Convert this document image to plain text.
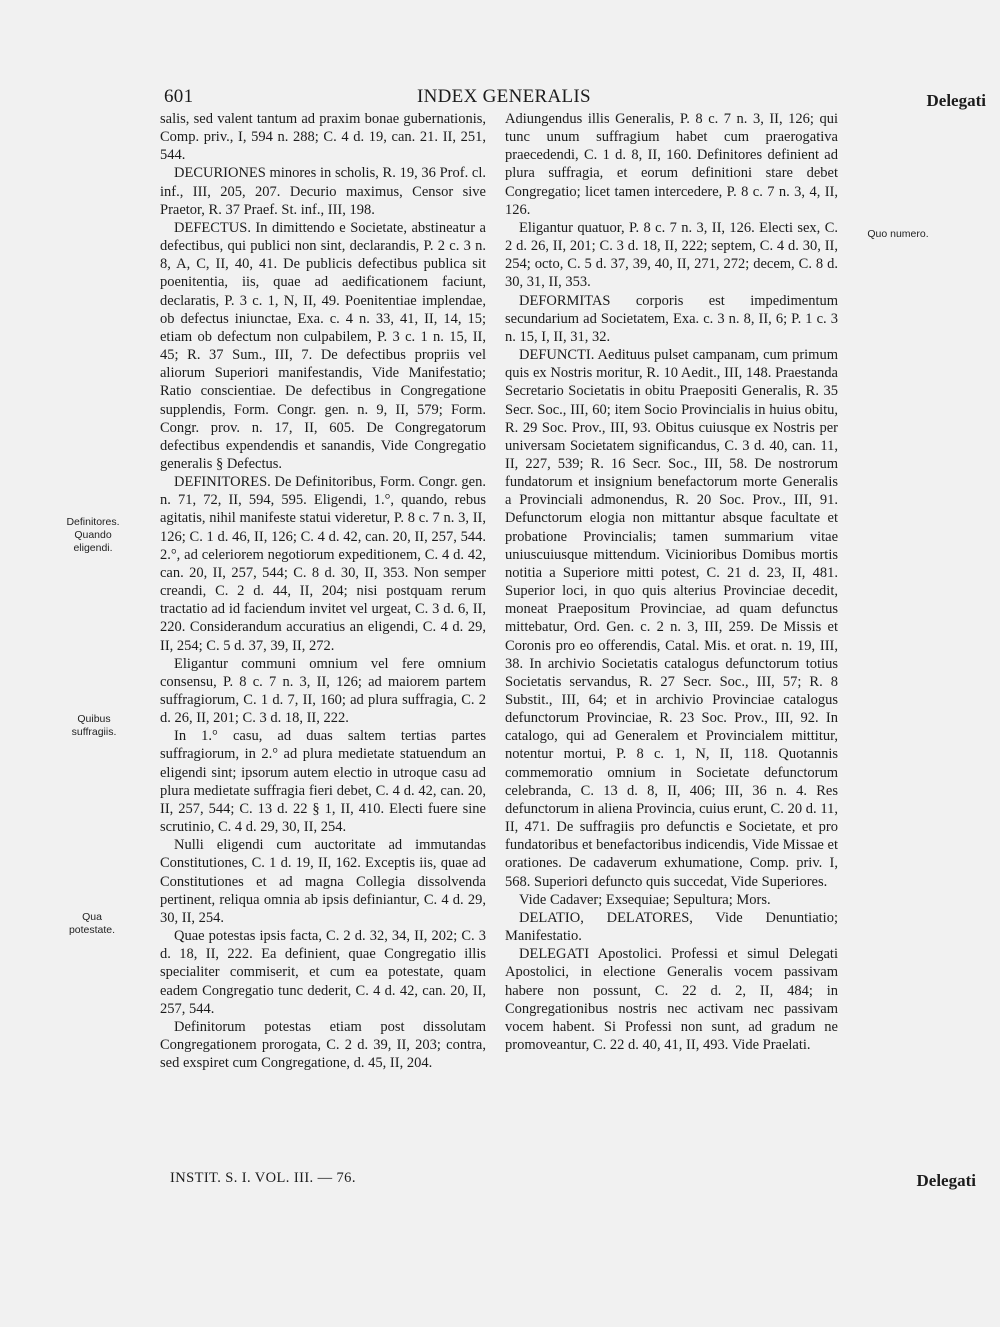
601	INDEX GENERALIS	Delegati
Definitores. Quando eligendi.
Quibus suffragiis.
Qua potestate.
Quo numero.

salis, sed valent tantum ad praxim bonae gubernationis, Comp. priv., I, 594 n. 288; C. 4 d. 19, can. 21. II, 251, 544.

DECURIONES minores in scholis, R. 19, 36 Prof. cl. inf., III, 205, 207. Decurio maximus, Censor sive Praetor, R. 37 Praef. St. inf., III, 198.

DEFECTUS. In dimittendo e Societate, abstineatur a defectibus, qui publici non sint, declarandis, P. 2 c. 3 n. 8, A, C, II, 40, 41. De publicis defectibus publica sit poenitentia, iis, quae ad aedificationem faciunt, declaratis, P. 3 c. 1, N, II, 49. Poenitentiae implendae, ob defectus iniunctae, Exa. c. 4 n. 33, 41, II, 14, 15; etiam ob defectum non culpabilem, P. 3 c. 1 n. 15, II, 45; R. 37 Sum., III, 7. De defectibus propriis vel aliorum Superiori manifestandis, Vide Manifestatio; Ratio conscientiae. De defectibus in Congregatione supplendis, Form. Congr. gen. n. 9, II, 579; Form. Congr. prov. n. 17, II, 605. De Congregatorum defectibus expendendis et sanandis, Vide Congregatio generalis § Defectus.

DEFINITORES. De Definitoribus, Form. Congr. gen. n. 71, 72, II, 594, 595. Eligendi, 1.°, quando, rebus agitatis, nihil manifeste statui videretur, P. 8 c. 7 n. 3, II, 126; C. 1 d. 46, II, 126; C. 4 d. 42, can. 20, II, 257, 544. 2.°, ad celeriorem negotiorum expeditionem, C. 4 d. 42, can. 20, II, 257, 544; C. 8 d. 30, II, 353. Non semper creandi, C. 2 d. 44, II, 204; nisi postquam rerum tractatio ad id faciendum invitet vel urgeat, C. 3 d. 6, II, 220. Considerandum accuratius an eligendi, C. 4 d. 29, II, 254; C. 5 d. 37, 39, II, 272.

Eligantur communi omnium vel fere omnium consensu, P. 8 c. 7 n. 3, II, 126; ad maiorem partem suffragiorum, C. 1 d. 7, II, 160; ad plura suffragia, C. 2 d. 26, II, 201; C. 3 d. 18, II, 222.

In 1.° casu, ad duas saltem tertias partes suffragiorum, in 2.° ad plura medietate statuendum an eligendi sint; ipsorum autem electio in utroque casu ad plura medietate suffragia fieri debet, C. 4 d. 42, can. 20, II, 257, 544; C. 13 d. 22 § 1, II, 410. Electi fuere sine scrutinio, C. 4 d. 29, 30, II, 254.

Nulli eligendi cum auctoritate ad immutandas Constitutiones, C. 1 d. 19, II, 162. Exceptis iis, quae ad Constitutiones et ad magna Collegia dissolvenda pertinent, reliqua omnia ab ipsis definiantur, C. 4 d. 29, 30, II, 254.

Quae potestas ipsis facta, C. 2 d. 32, 34, II, 202; C. 3 d. 18, II, 222. Ea definient, quae Congregatio illis specialiter commiserit, et cum ea potestate, quam eadem Congregatio tunc dederit, C. 4 d. 42, can. 20, II, 257, 544.

Definitorum potestas etiam post dissolutam Congregationem prorogata, C. 2 d. 39, II, 203; contra, sed exspiret cum Congregatione, d. 45, II, 204.

Adiungendus illis Generalis, P. 8 c. 7 n. 3, II, 126; qui tunc unum suffragium habet cum praerogativa praecedendi, C. 1 d. 8, II, 160. Definitores definient ad plura suffragia, et eorum definitioni stare debet Congregatio; licet tamen intercedere, P. 8 c. 7 n. 3, 4, II, 126.

Eligantur quatuor, P. 8 c. 7 n. 3, II, 126. Electi sex, C. 2 d. 26, II, 201; C. 3 d. 18, II, 222; septem, C. 4 d. 30, II, 254; octo, C. 5 d. 37, 39, 40, II, 271, 272; decem, C. 8 d. 30, 31, II, 353.

DEFORMITAS corporis est impedimentum secundarium ad Societatem, Exa. c. 3 n. 8, II, 6; P. 1 c. 3 n. 15, I, II, 31, 32.

DEFUNCTI. Aedituus pulset campanam, cum primum quis ex Nostris moritur, R. 10 Aedit., III, 148. Praestanda Secretario Societatis in obitu Praepositi Generalis, R. 35 Secr. Soc., III, 60; item Socio Provincialis in huius obitu, R. 29 Soc. Prov., III, 93. Obitus cuiusque ex Nostris per universam Societatem significandus, C. 3 d. 40, can. 11, II, 227, 539; R. 16 Secr. Soc., III, 58. De nostrorum fundatorum et insignium benefactorum morte Generalis a Provinciali admonendus, R. 20 Soc. Prov., III, 91. Defunctorum elogia non mittantur absque facultate et probatione Provincialis; tamen summarium vitae uniuscuiusque mittendum. Vicinioribus Domibus mortis notitia a Superiore mitti potest, C. 21 d. 23, II, 481. Superior loci, in quo quis alterius Provinciae decedit, moneat Praepositum Provinciae, ad quam defunctus mittebatur, Ord. Gen. c. 2 n. 3, III, 259. De Missis et Coronis pro eo offerendis, Catal. Mis. et orat. n. 19, III, 38. In archivio Societatis catalogus defunctorum totius Societatis servandus, R. 27 Secr. Soc., III, 57; R. 8 Substit., III, 64; et in archivio Provinciae catalogus defunctorum Provinciae, R. 23 Soc. Prov., III, 92. In catalogo, qui ad Generalem et Provincialem mittitur, notentur mortui, P. 8 c. 1, N, II, 118. Quotannis commemoratio omnium in Societate defunctorum celebranda, C. 13 d. 8, II, 406; III, 36 n. 4. Res defunctorum in aliena Provincia, cuius erunt, C. 20 d. 11, II, 471. De suffragiis pro defunctis e Societate, et pro fundatoribus et benefactoribus indicendis, Vide Missae et orationes. De cadaverum exhumatione, Comp. priv. I, 568. Superiori defuncto quis succedat, Vide Superiores.

Vide Cadaver; Exsequiae; Sepultura; Mors.

DELATIO, DELATORES, Vide Denuntiatio; Manifestatio.

DELEGATI Apostolici. Professi et simul Delegati Apostolici, in electione Generalis vocem passivam habere non possunt, C. 22 d. 2, II, 484; in Congregationibus nostris nec activam nec passivam vocem habent. Si Professi non sunt, ad gradum ne promoveantur, C. 22 d. 40, 41, II, 493. Vide Praelati.

INSTIT. S. I. VOL. III. — 76.	Delegati
